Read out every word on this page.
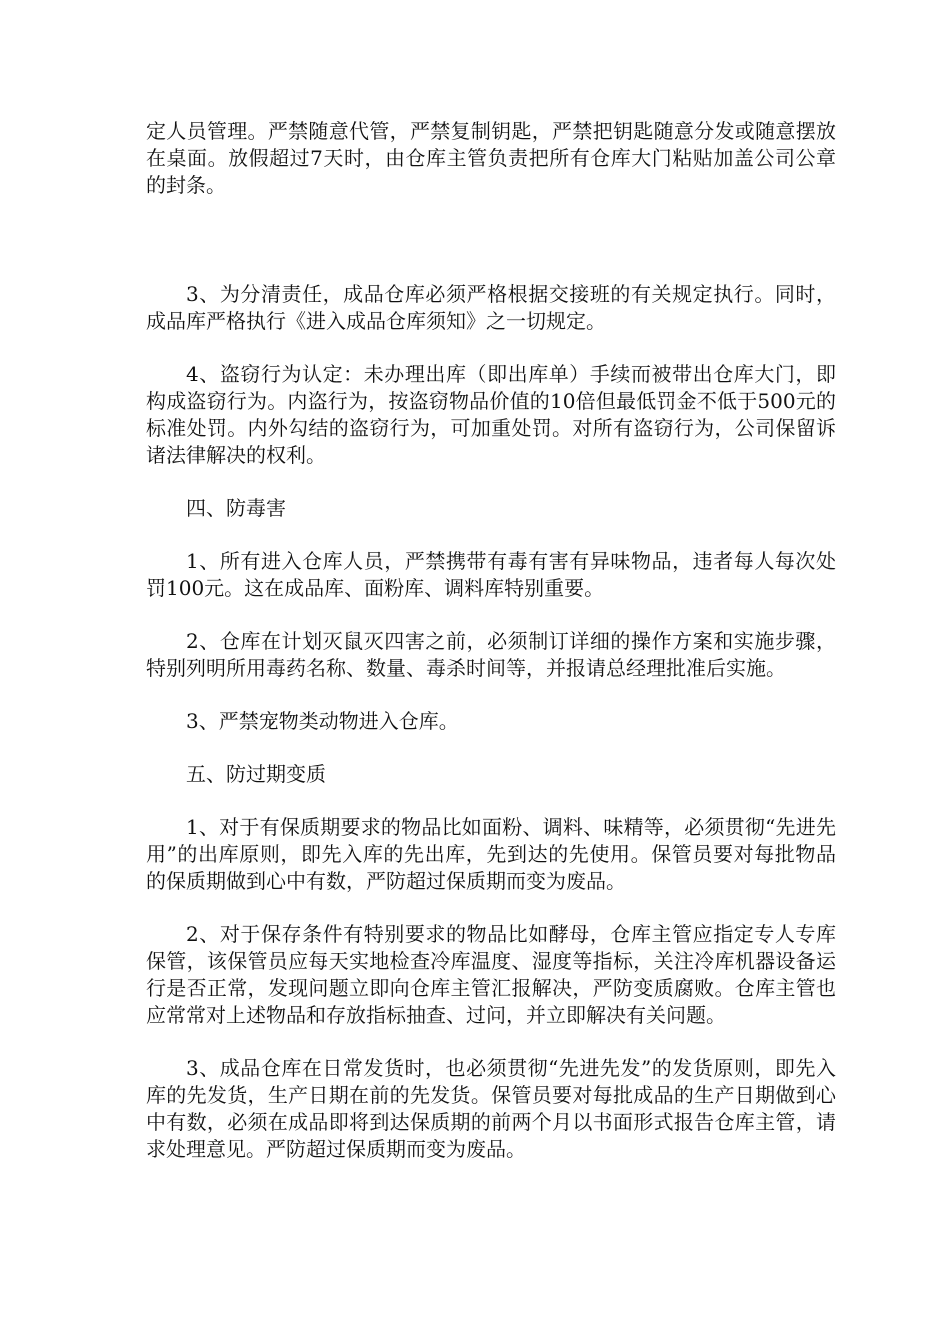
定人员管理。严禁随意代管，严禁复制钥匙，严禁把钥匙随意分发或随意摆放在桌面。放假超过7天时，由仓库主管负责把所有仓库大门粘贴加盖公司公章的封条。

3、为分清责任，成品仓库必须严格根据交接班的有关规定执行。同时，成品库严格执行《进入成品仓库须知》之一切规定。

4、盗窃行为认定：未办理出库（即出库单）手续而被带出仓库大门，即构成盗窃行为。内盗行为，按盗窃物品价值的10倍但最低罚金不低于500元的标准处罚。内外勾结的盗窃行为，可加重处罚。对所有盗窃行为，公司保留诉诸法律解决的权利。

四、防毒害

1、所有进入仓库人员，严禁携带有毒有害有异味物品，违者每人每次处罚100元。这在成品库、面粉库、调料库特别重要。

2、仓库在计划灭鼠灭四害之前，必须制订详细的操作方案和实施步骤，特别列明所用毒药名称、数量、毒杀时间等，并报请总经理批准后实施。

3、严禁宠物类动物进入仓库。

五、防过期变质

1、对于有保质期要求的物品比如面粉、调料、味精等，必须贯彻“先进先用”的出库原则，即先入库的先出库，先到达的先使用。保管员要对每批物品的保质期做到心中有数，严防超过保质期而变为废品。

2、对于保存条件有特别要求的物品比如酵母，仓库主管应指定专人专库保管，该保管员应每天实地检查冷库温度、湿度等指标，关注冷库机器设备运行是否正常，发现问题立即向仓库主管汇报解决，严防变质腐败。仓库主管也应常常对上述物品和存放指标抽查、过问，并立即解决有关问题。

3、成品仓库在日常发货时，也必须贯彻“先进先发”的发货原则，即先入库的先发货，生产日期在前的先发货。保管员要对每批成品的生产日期做到心中有数，必须在成品即将到达保质期的前两个月以书面形式报告仓库主管，请求处理意见。严防超过保质期而变为废品。
